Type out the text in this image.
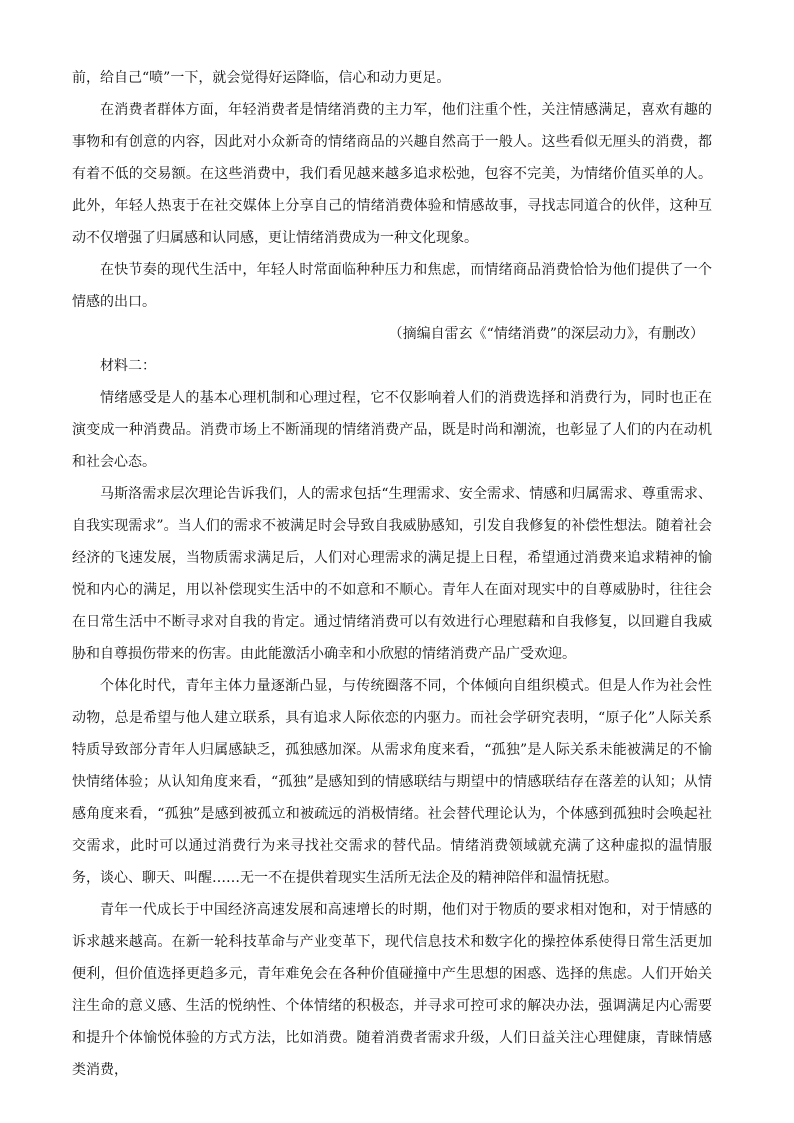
前，给自己“喷”一下，就会觉得好运降临，信心和动力更足。

在消费者群体方面，年轻消费者是情绪消费的主力军，他们注重个性，关注情感满足，喜欢有趣的事物和有创意的内容，因此对小众新奇的情绪商品的兴趣自然高于一般人。这些看似无厘头的消费，都有着不低的交易额。在这些消费中，我们看见越来越多追求松弛，包容不完美，为情绪价值买单的人。此外，年轻人热衷于在社交媒体上分享自己的情绪消费体验和情感故事，寻找志同道合的伙伴，这种互动不仅增强了归属感和认同感，更让情绪消费成为一种文化现象。

在快节奏的现代生活中，年轻人时常面临种种压力和焦虑，而情绪商品消费恰恰为他们提供了一个情感的出口。

（摘编自雷玄《“情绪消费”的深层动力》，有删改）

材料二：

情绪感受是人的基本心理机制和心理过程，它不仅影响着人们的消费选择和消费行为，同时也正在演变成一种消费品。消费市场上不断涌现的情绪消费产品，既是时尚和潮流，也彰显了人们的内在动机和社会心态。

马斯洛需求层次理论告诉我们，人的需求包括“生理需求、安全需求、情感和归属需求、尊重需求、自我实现需求”。当人们的需求不被满足时会导致自我威胁感知，引发自我修复的补偿性想法。随着社会经济的飞速发展，当物质需求满足后，人们对心理需求的满足提上日程，希望通过消费来追求精神的愉悦和内心的满足，用以补偿现实生活中的不如意和不顺心。青年人在面对现实中的自尊威胁时，往往会在日常生活中不断寻求对自我的肯定。通过情绪消费可以有效进行心理慰藉和自我修复，以回避自我威胁和自尊损伤带来的伤害。由此能激活小确幸和小欣慰的情绪消费产品广受欢迎。

个体化时代，青年主体力量逐渐凸显，与传统圈落不同，个体倾向自组织模式。但是人作为社会性动物，总是希望与他人建立联系，具有追求人际依恋的内驱力。而社会学研究表明，“原子化”人际关系特质导致部分青年人归属感缺乏，孤独感加深。从需求角度来看，“孤独”是人际关系未能被满足的不愉快情绪体验；从认知角度来看，“孤独”是感知到的情感联结与期望中的情感联结存在落差的认知；从情感角度来看，“孤独”是感到被孤立和被疏远的消极情绪。社会替代理论认为，个体感到孤独时会唤起社交需求，此时可以通过消费行为来寻找社交需求的替代品。情绪消费领域就充满了这种虚拟的温情服务，谈心、聊天、叫醒……无一不在提供着现实生活所无法企及的精神陪伴和温情抚慰。

青年一代成长于中国经济高速发展和高速增长的时期，他们对于物质的要求相对饱和，对于情感的诉求越来越高。在新一轮科技革命与产业变革下，现代信息技术和数字化的操控体系使得日常生活更加便利，但价值选择更趋多元，青年难免会在各种价值碰撞中产生思想的困惑、选择的焦虑。人们开始关注生命的意义感、生活的悦纳性、个体情绪的积极态，并寻求可控可求的解决办法，强调满足内心需要和提升个体愉悦体验的方式方法，比如消费。随着消费者需求升级，人们日益关注心理健康，青睐情感类消费，
